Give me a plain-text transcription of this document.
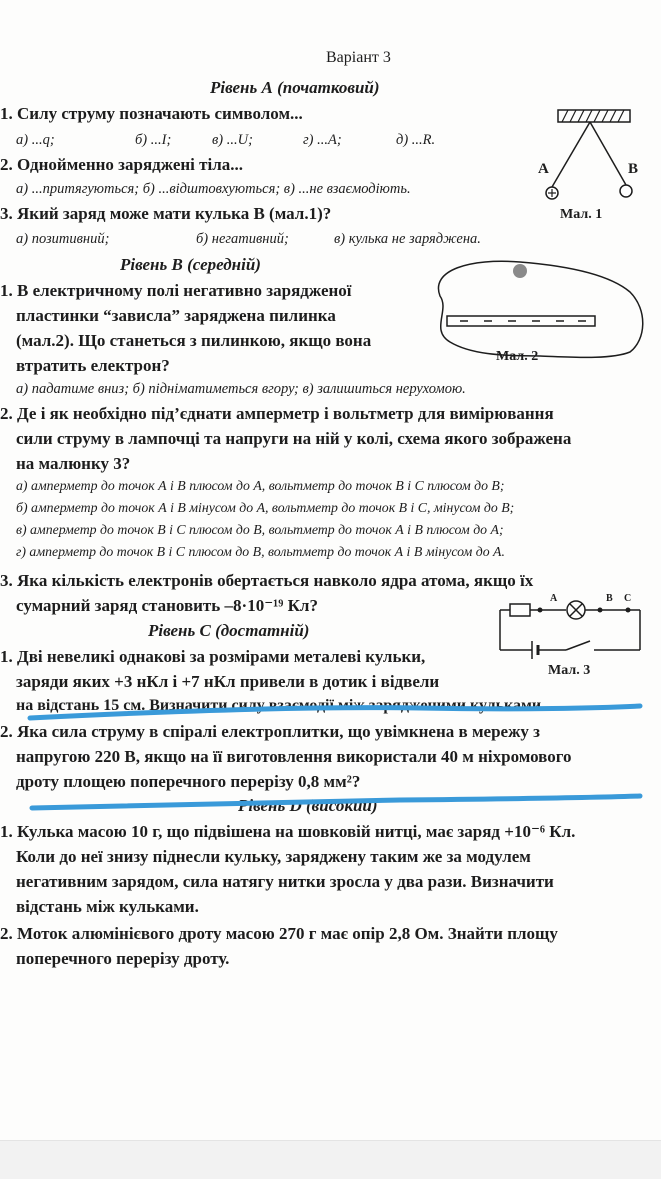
Варіант 3
Рівень А (початковий)
1. Силу струму позначають символом...
а) ...q;	б) ...I;	в) ...U;	г) ...A;	д) ...R.
2. Однойменно заряджені тіла...
а) ...притягуються; б) ...відштовхуються; в) ...не взаємодіють.
3. Який заряд може мати кулька В (мал.1)?
а) позитивний;	б) негативний;	в) кулька не заряджена.
Рівень В (середній)
1. В електричному полі негативно зарядженої
пластинки “зависла” заряджена пилинка
(мал.2). Що станеться з пилинкою, якщо вона
втратить електрон?
а) падатиме вниз; б) підніматиметься вгору; в) залишиться нерухомою.
2. Де і як необхідно під’єднати амперметр і вольтметр для вимірювання
сили струму в лампочці та напруги на ній у колі, схема якого зображена
на малюнку 3?
а) амперметр до точок А і В плюсом до А, вольтметр до точок В і С плюсом до В;
б) амперметр до точок А і В мінусом до А, вольтметр до точок В і С, мінусом до В;
в) амперметр до точок В і С плюсом до В, вольтметр до точок А і В плюсом до А;
г) амперметр до точок В і С плюсом до В, вольтметр до точок А і В мінусом до А.
3. Яка кількість електронів обертається навколо ядра атома, якщо їх
сумарний заряд становить –8·10⁻¹⁹ Кл?
Рівень С (достатній)
1. Дві невеликі однакові за розмірами металеві кульки,
заряди яких +3 нКл і +7 нКл привели в дотик і відвели
на відстань 15 см. Визначити силу взаємодії між зарядженими кульками
2. Яка сила струму в спіралі електроплитки, що увімкнена в мережу з
напругою 220 В, якщо на її виготовлення використали 40 м ніхромового
дроту площею поперечного перерізу 0,8 мм²?
Рівень D (високий)
1. Кулька масою 10 г, що підвішена на шовковій нитці, має заряд +10⁻⁶ Кл.
Коли до неї знизу піднесли кульку, заряджену таким же за модулем
негативним зарядом, сила натягу нитки зросла у два рази. Визначити
відстань між кульками.
2. Моток алюмінієвого дроту масою 270 г має опір 2,8 Ом. Знайти площу
поперечного перерізу дроту.
A	B
Мал. 1
Мал. 2
A	B C
Мал. 3
